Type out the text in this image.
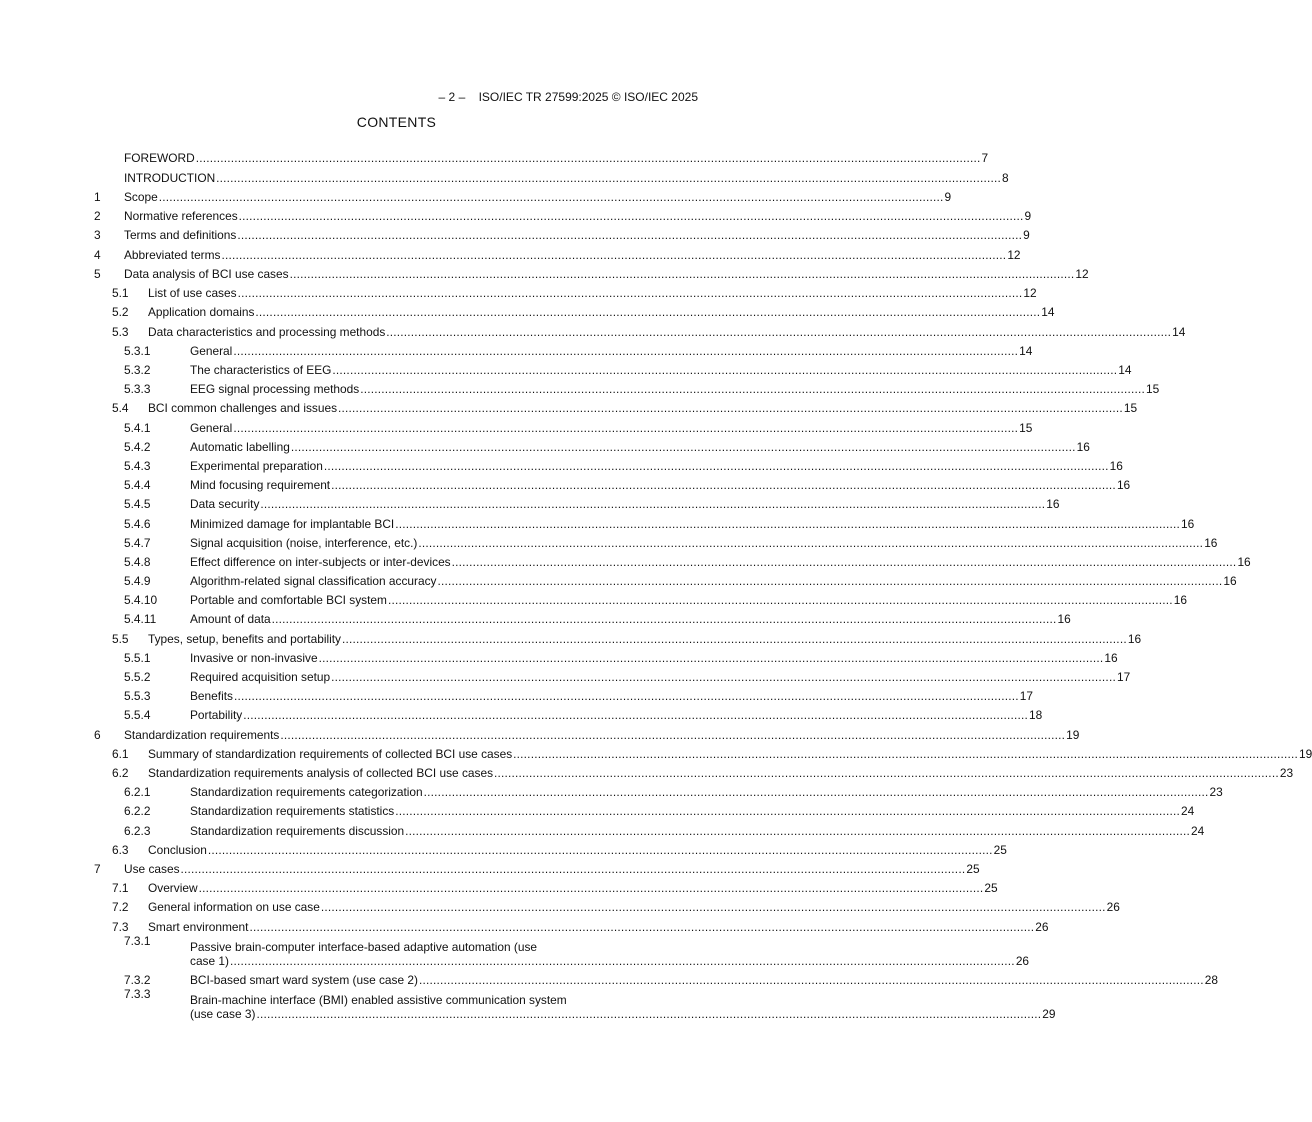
– 2 – ISO/IEC TR 27599:2025 © ISO/IEC 2025

CONTENTS
FOREWORD .....	7
INTRODUCTION .....	8
1	Scope .....	9
2	Normative references .....	9
3	Terms and definitions .....	9
4	Abbreviated terms .....	12
5	Data analysis of BCI use cases .....	12
5.1	List of use cases .....	12
5.2	Application domains .....	14
5.3	Data characteristics and processing methods .....	14
5.3.1	General .....	14
5.3.2	The characteristics of EEG .....	14
5.3.3	EEG signal processing methods .....	15
5.4	BCI common challenges and issues .....	15
5.4.1	General .....	15
5.4.2	Automatic labelling .....	16
5.4.3	Experimental preparation .....	16
5.4.4	Mind focusing requirement .....	16
5.4.5	Data security .....	16
5.4.6	Minimized damage for implantable BCI .....	16
5.4.7	Signal acquisition (noise, interference, etc.) .....	16
5.4.8	Effect difference on inter-subjects or inter-devices .....	16
5.4.9	Algorithm-related signal classification accuracy .....	16
5.4.10	Portable and comfortable BCI system .....	16
5.4.11	Amount of data .....	16
5.5	Types, setup, benefits and portability .....	16
5.5.1	Invasive or non-invasive .....	16
5.5.2	Required acquisition setup .....	17
5.5.3	Benefits .....	17
5.5.4	Portability .....	18
6	Standardization requirements .....	19
6.1	Summary of standardization requirements of collected BCI use cases .....	19
6.2	Standardization requirements analysis of collected BCI use cases .....	23
6.2.1	Standardization requirements categorization .....	23
6.2.2	Standardization requirements statistics .....	24
6.2.3	Standardization requirements discussion .....	24
6.3	Conclusion .....	25
7	Use cases .....	25
7.1	Overview .....	25
7.2	General information on use case .....	26
7.3	Smart environment .....	26
7.3.1	Passive brain-computer interface-based adaptive automation (use
case 1) .....	26
7.3.2	BCI-based smart ward system (use case 2) .....	28
7.3.3	Brain-machine interface (BMI) enabled assistive communication system
(use case 3) .....	29
